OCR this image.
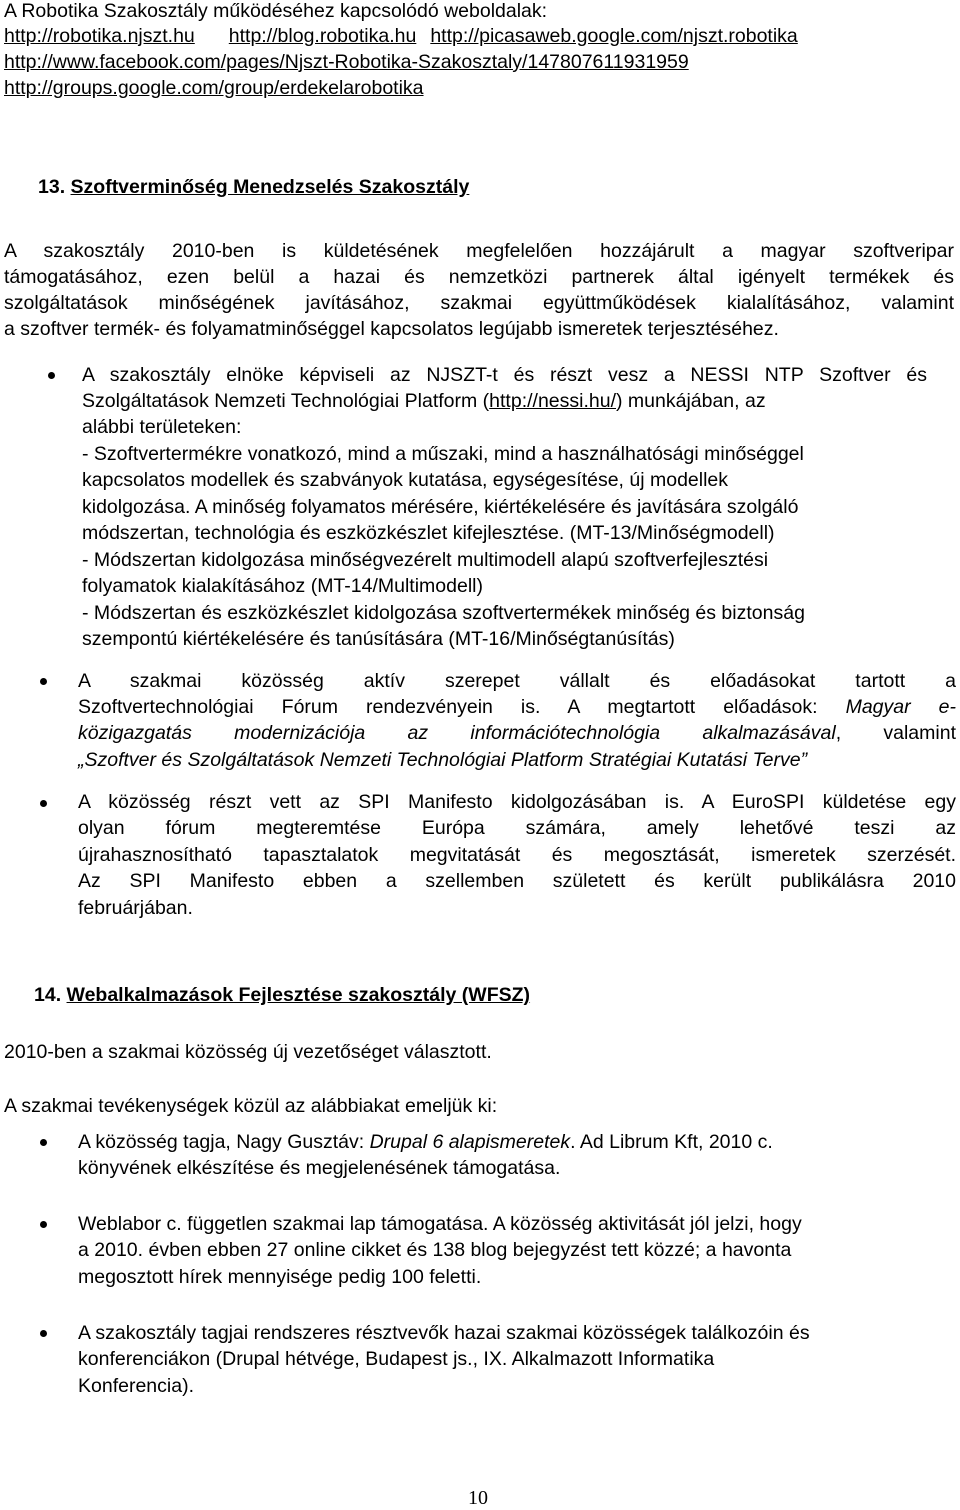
A Robotika Szakosztály működéséhez kapcsolódó weboldalak:
http://robotika.njszt.hu http://blog.robotika.hu http://picasaweb.google.com/njszt.robotika
http://www.facebook.com/pages/Njszt-Robotika-Szakosztaly/147807611931959
http://groups.google.com/group/erdekelarobotika
13. Szoftverminőség Menedzselés Szakosztály
A szakosztály 2010-ben is küldetésének megfelelően hozzájárult a magyar szoftveripar
támogatásához, ezen belül a hazai és nemzetközi partnerek által igényelt termékek és
szolgáltatások minőségének javításához, szakmai együttműködések kialalításához, valamint
a szoftver termék- és folyamatminőséggel kapcsolatos legújabb ismeretek terjesztéséhez.
A szakosztály elnöke képviseli az NJSZT-t és részt vesz a NESSI NTP Szoftver és
Szolgáltatások Nemzeti Technológiai Platform (http://nessi.hu/) munkájában, az
alábbi területeken:
- Szoftvertermékre vonatkozó, mind a műszaki, mind a használhatósági minőséggel
kapcsolatos modellek és szabványok kutatása, egységesítése, új modellek
kidolgozása. A minőség folyamatos mérésére, kiértékelésére és javítására szolgáló
módszertan, technológia és eszközkészlet kifejlesztése. (MT-13/Minőségmodell)
- Módszertan kidolgozása minőségvezérelt multimodell alapú szoftverfejlesztési
folyamatok kialakításához (MT-14/Multimodell)
- Módszertan és eszközkészlet kidolgozása szoftvertermékek minőség és biztonság
szempontú kiértékelésére és tanúsítására (MT-16/Minőségtanúsítás)
A szakmai közösség aktív szerepet vállalt és előadásokat tartott a
Szoftvertechnológiai Fórum rendezvényein is. A megtartott előadások: Magyar e-
közigazgatás modernizációja az információtechnológia alkalmazásával, valamint
„Szoftver és Szolgáltatások Nemzeti Technológiai Platform Stratégiai Kutatási Terve”
A közösség részt vett az SPI Manifesto kidolgozásában is. A EuroSPI küldetése egy
olyan fórum megteremtése Európa számára, amely lehetővé teszi az
újrahasznosítható tapasztalatok megvitatását és megosztását, ismeretek szerzését.
Az SPI Manifesto ebben a szellemben született és került publikálásra 2010
februárjában.
14. Webalkalmazások Fejlesztése szakosztály (WFSZ)
2010-ben a szakmai közösség új vezetőséget választott.
A szakmai tevékenységek közül az alábbiakat emeljük ki:
A közösség tagja, Nagy Gusztáv: Drupal 6 alapismeretek. Ad Librum Kft, 2010 c.
könyvének elkészítése és megjelenésének támogatása.
Weblabor c. független szakmai lap támogatása. A közösség aktivitását jól jelzi, hogy
a 2010. évben ebben 27 online cikket és 138 blog bejegyzést tett közzé; a havonta
megosztott hírek mennyisége pedig 100 feletti.
A szakosztály tagjai rendszeres résztvevők hazai szakmai közösségek találkozóin és
konferenciákon (Drupal hétvége, Budapest js., IX. Alkalmazott Informatika
Konferencia).
10
